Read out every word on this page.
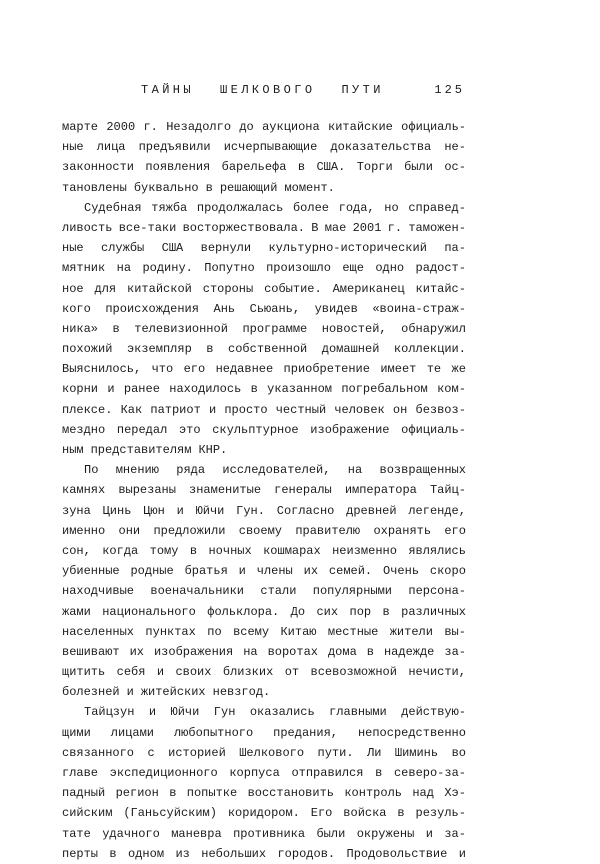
ТАЙНЫ ШЕЛКОВОГО ПУТИ	125
марте 2000 г. Незадолго до аукциона китайские официаль-
ные лица предъявили исчерпывающие доказательства не-
законности появления барельефа в США. Торги были ос-
тановлены буквально в решающий момент.
Судебная тяжба продолжалась более года, но справед-
ливость все-таки восторжествовала. В мае 2001 г. таможен-
ные службы США вернули культурно-исторический па-
мятник на родину. Попутно произошло еще одно радост-
ное для китайской стороны событие. Американец китайс-
кого происхождения Ань Сьюань, увидев «воина-страж-
ника» в телевизионной программе новостей, обнаружил
похожий экземпляр в собственной домашней коллекции.
Выяснилось, что его недавнее приобретение имеет те же
корни и ранее находилось в указанном погребальном ком-
плексе. Как патриот и просто честный человек он безвоз-
мездно передал это скульптурное изображение официаль-
ным представителям КНР.
По мнению ряда исследователей, на возвращенных
камнях вырезаны знаменитые генералы императора Тайц-
зуна Цинь Цюн и Юйчи Гун. Согласно древней легенде,
именно они предложили своему правителю охранять его
сон, когда тому в ночных кошмарах неизменно являлись
убиенные родные братья и члены их семей. Очень скоро
находчивые военачальники стали популярными персона-
жами национального фольклора. До сих пор в различных
населенных пунктах по всему Китаю местные жители вы-
вешивают их изображения на воротах дома в надежде за-
щитить себя и своих близких от всевозможной нечисти,
болезней и житейских невзгод.
Тайцзун и Юйчи Гун оказались главными действую-
щими лицами любопытного предания, непосредственно
связанного с историей Шелкового пути. Ли Шиминь во
главе экспедиционного корпуса отправился в северо-за-
падный регион в попытке восстановить контроль над Хэ-
сийским (Ганьсуйским) коридором. Его войска в резуль-
тате удачного маневра противника были окружены и за-
перты в одном из небольших городов. Продовольствие и
